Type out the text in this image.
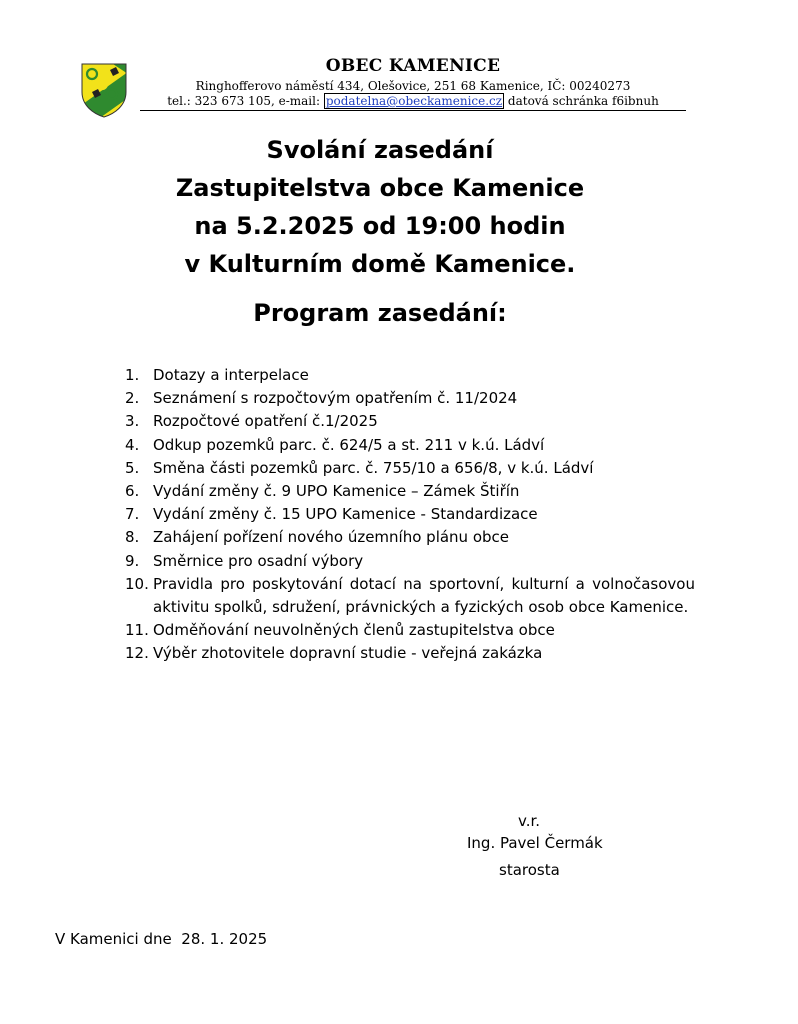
OBEC KAMENICE
Ringhofferovo náměstí 434, Olešovice, 251 68 Kamenice, IČ: 00240273
tel.: 323 673 105, e-mail: podatelna@obeckamenice.cz datová schránka f6ibnuh
Svolání zasedání
Zastupitelstva obce Kamenice
na 5.2.2025 od 19:00 hodin
v Kulturním domě Kamenice.
Program zasedání:
1. Dotazy a interpelace
2. Seznámení s rozpočtovým opatřením č. 11/2024
3. Rozpočtové opatření č.1/2025
4. Odkup pozemků parc. č. 624/5 a st. 211 v k.ú. Ládví
5. Směna části pozemků parc. č. 755/10 a 656/8, v k.ú. Ládví
6. Vydání změny č. 9 UPO Kamenice – Zámek Štiřín
7. Vydání změny č. 15 UPO Kamenice - Standardizace
8. Zahájení pořízení nového územního plánu obce
9. Směrnice pro osadní výbory
10. Pravidla pro poskytování dotací na sportovní, kulturní a volnočasovou aktivitu spolků, sdružení, právnických a fyzických osob obce Kamenice.
11. Odměňování neuvolněných členů zastupitelstva obce
12. Výběr zhotovitele dopravní studie - veřejná zakázka
v.r.
Ing. Pavel Čermák
starosta
V Kamenici dne  28. 1. 2025
